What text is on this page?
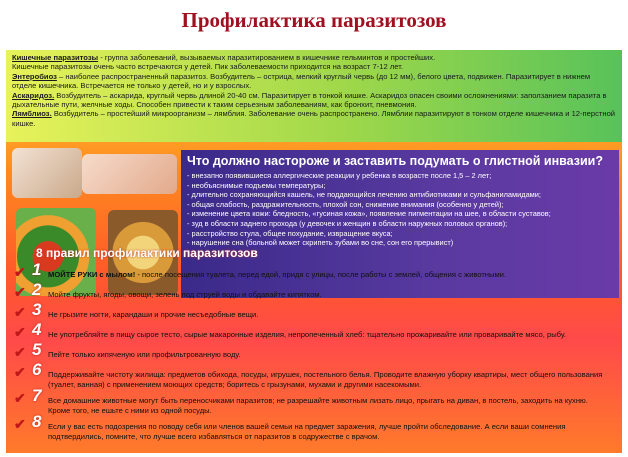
Профилактика паразитозов

Кишечные паразитозы - группа заболеваний, вызываемых паразитированием в кишечнике гельминтов и простейших.

Кишечные паразитозы очень часто встречаются у детей. Пик заболеваемости приходится на возраст 7-12 лет.

Энтеробиоз – наиболее распространенный паразитоз. Возбудитель – острица, мелкий круглый червь (до 12 мм), белого цвета, подвижен. Паразитирует в нижнем отделе кишечника. Встречается не только у детей, но и у взрослых.

Аскаридоз. Возбудитель – аскарида, круглый червь длиной 20-40 см. Паразитирует в тонкой кишке. Аскаридоз опасен своими осложнениями: заползанием паразита в дыхательные пути, желчные ходы. Способен привести к таким серьезным заболеваниям, как бронхит, пневмония.

Лямблиоз. Возбудитель – простейший микроорганизм – лямблия. Заболевание очень распространено. Лямблии паразитируют в тонком отделе кишечника и 12-перстной кишке.

Что должно настороже и заставить подумать о глистной инвазии?
- внезапно появившиеся аллергические реакции у ребенка в возрасте после 1,5 – 2 лет;
- необъяснимые подъемы температуры;
- длительно сохраняющийся кашель, не поддающийся лечению антибиотиками и сульфаниламидами;
- общая слабость, раздражительность, плохой сон, снижение внимания (особенно у детей);
- изменение цвета кожи: бледность, «гусиная кожа», появление пигментации на шее, в области суставов;
- зуд в области заднего прохода (у девочек и женщин в области наружных половых органов);
- расстройство стула, общее похудание, извращение вкуса;
- нарушение сна (больной может скрипеть зубами во сне, сон его прерывист)
8 правил профилактики паразитозов
✔ 1 МОЙТЕ РУКИ с мылом! - после посещения туалета, перед едой, придя с улицы, после работы с землей, общения с животными.
✔ 2 Мойте фрукты, ягоды, овощи, зелень под струей воды и обдавайте кипятком.
✔ 3 Не грызите ногти, карандаши и прочие несъедобные вещи.
✔ 4 Не употребляйте в пищу сырое тесто, сырые макаронные изделия, непропеченный хлеб: тщательно прожаривайте или проваривайте мясо, рыбу.
✔ 5 Пейте только кипяченую или профильтрованную воду.
✔ 6 Поддерживайте чистоту жилища: предметов обихода, посуды, игрушек, постельного белья. Проводите влажную уборку квартиры, мест общего пользования (туалет, ванная) с применением моющих средств; боритесь с грызунами, мухами и другими насекомыми.
✔ 7 Все домашние животные могут быть переносчиками паразитов; не разрешайте животным лизать лицо, прыгать на диван, в постель, заходить на кухню. Кроме того, не ешьте с ними из одной посуды.
✔ 8 Если у вас есть подозрения по поводу себя или членов вашей семьи на предмет заражения, лучше пройти обследование. А если ваши сомнения подтвердились, помните, что лучше всего избавляться от паразитов в содружестве с врачом.
